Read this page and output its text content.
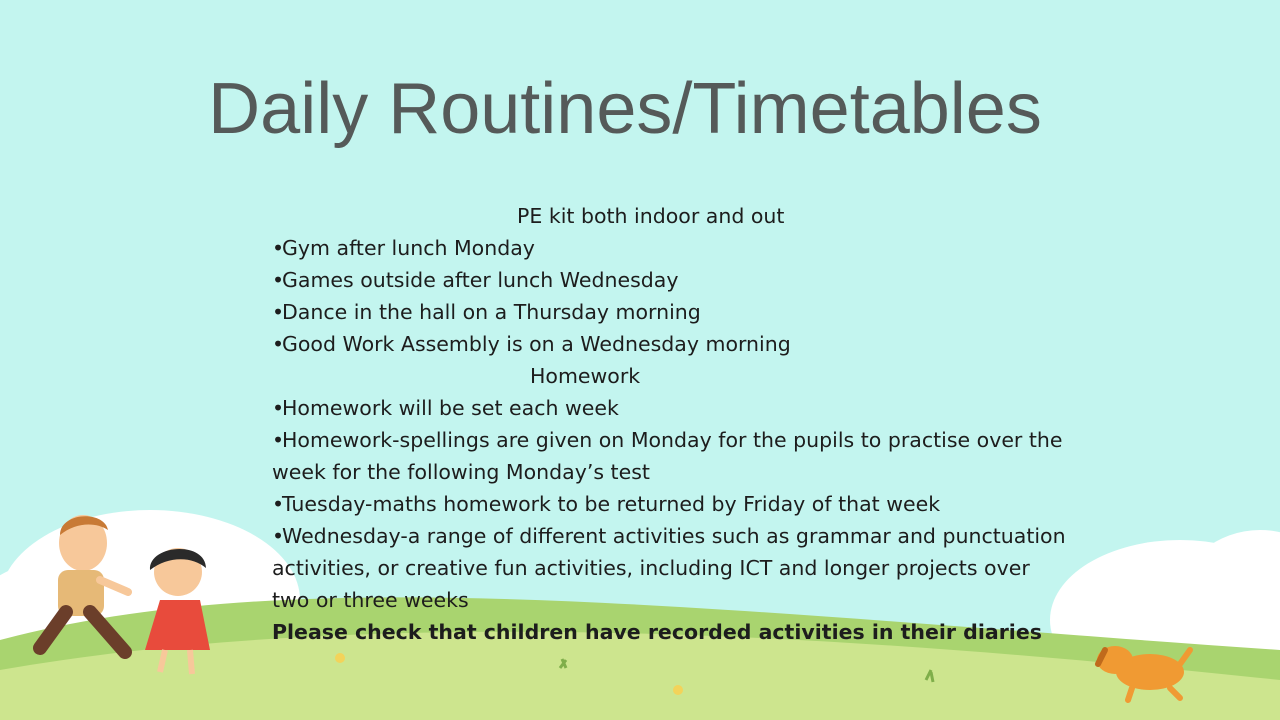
Daily Routines/Timetables
PE kit both indoor and out
•Gym after lunch Monday
•Games outside after lunch Wednesday
•Dance in the hall on a Thursday morning
•Good Work Assembly is on a Wednesday morning
Homework
•Homework will be set each week
•Homework-spellings are given on Monday for the pupils to practise over the week for the following Monday’s test
•Tuesday-maths homework to be returned by Friday of that week
•Wednesday-a range of different activities such as grammar and punctuation activities, or creative fun activities, including ICT and longer projects over two or three weeks
Please check that children have recorded activities in their diaries
